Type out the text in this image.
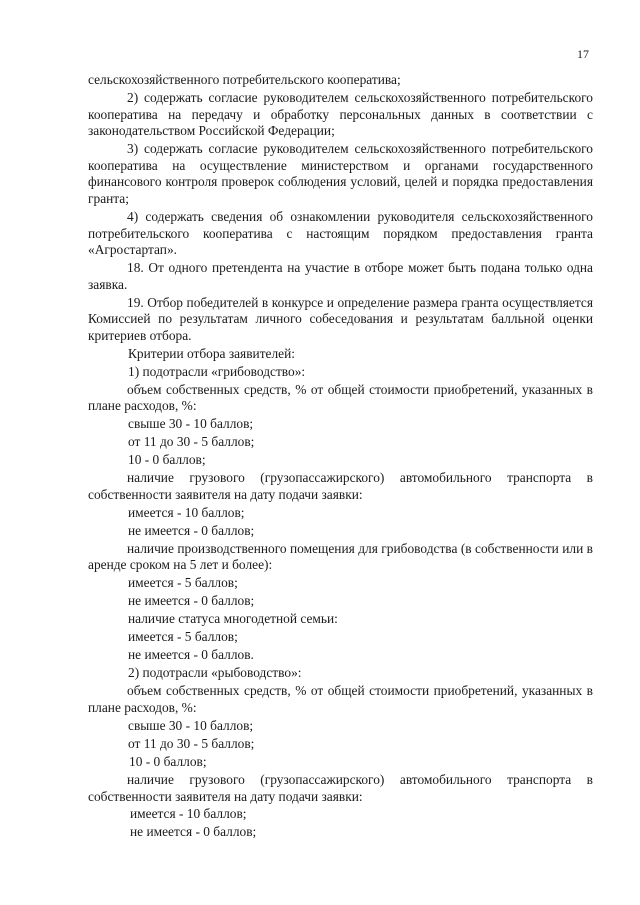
17

сельскохозяйственного потребительского кооператива;

2) содержать согласие руководителем сельскохозяйственного потребительского кооператива на передачу и обработку персональных данных в соответствии с законодательством Российской Федерации;

3) содержать согласие руководителем сельскохозяйственного потребительского кооператива на осуществление министерством и органами государственного финансового контроля проверок соблюдения условий, целей и порядка предоставления гранта;

4) содержать сведения об ознакомлении руководителя сельскохозяйственного потребительского кооператива с настоящим порядком предоставления гранта «Агростартап».

18. От одного претендента на участие в отборе может быть подана только одна заявка.

19. Отбор победителей в конкурсе и определение размера гранта осуществляется Комиссией по результатам личного собеседования и результатам балльной оценки критериев отбора.

Критерии отбора заявителей:

1) подотрасли «грибоводство»:

объем собственных средств, % от общей стоимости приобретений, указанных в плане расходов, %:

свыше 30 - 10 баллов;

от 11 до 30 - 5 баллов;

10 - 0 баллов;

наличие грузового (грузопассажирского) автомобильного транспорта в собственности заявителя на дату подачи заявки:

имеется - 10 баллов;

не имеется - 0 баллов;

наличие производственного помещения для грибоводства (в собственности или в аренде сроком на 5 лет и более):

имеется - 5 баллов;

не имеется - 0 баллов;

наличие статуса многодетной семьи:

имеется - 5 баллов;

не имеется - 0 баллов.

2) подотрасли «рыбоводство»:

объем собственных средств, % от общей стоимости приобретений, указанных в плане расходов, %:

свыше 30 - 10 баллов;

от 11 до 30 - 5 баллов;

10 - 0 баллов;

наличие грузового (грузопассажирского) автомобильного транспорта в собственности заявителя на дату подачи заявки:

имеется - 10 баллов;

не имеется - 0 баллов;
